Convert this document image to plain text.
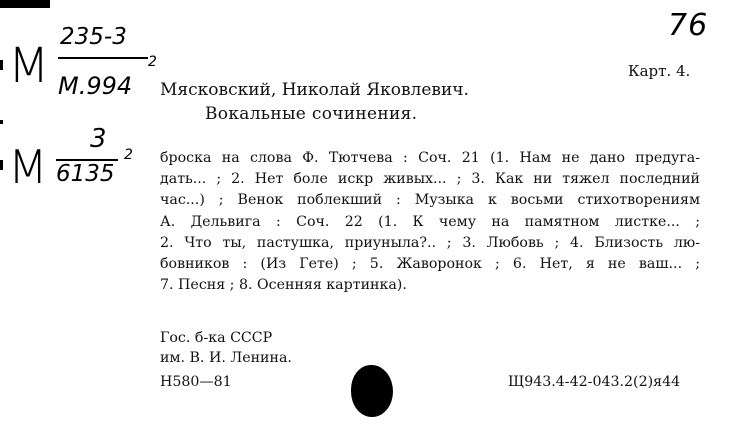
76
М
235-3
М.994
2
М
3
6135
2
Карт. 4.
Мясковский, Николай Яковлевич.
Вокальные сочинения.
броска на слова Ф. Тютчева : Соч. 21 (1. Нам не дано предуга-
дать... ; 2. Нет боле искр живых... ; 3. Как ни тяжел последний
час...) ; Венок поблекший : Музыка к восьми стихотворениям
А. Дельвига : Соч. 22 (1. К чему на памятном листке... ;
2. Что ты, пастушка, приуныла?.. ; 3. Любовь ; 4. Близость лю-
бовников : (Из Гете) ; 5. Жаворонок ; 6. Нет, я не ваш... ;
7. Песня ; 8. Осенняя картинка).
Гос. б-ка СССР
им. В. И. Ленина.
Н580—81	Щ943.4-42-043.2(2)я44
